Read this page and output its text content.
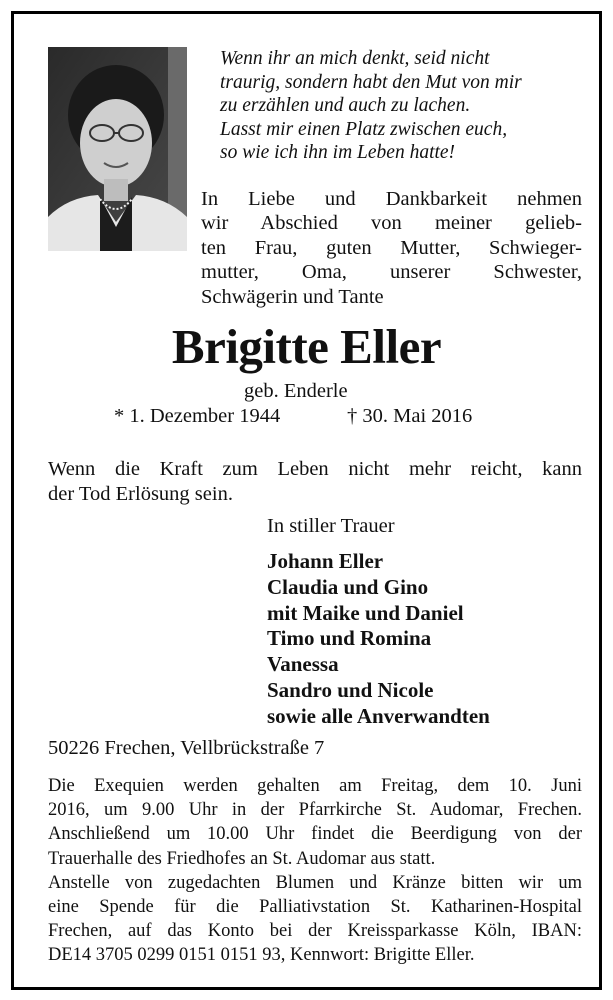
Wenn ihr an mich denkt, seid nicht
traurig, sondern habt den Mut von mir
zu erzählen und auch zu lachen.
Lasst mir einen Platz zwischen euch,
so wie ich ihn im Leben hatte!
In Liebe und Dankbarkeit nehmen
wir Abschied von meiner gelieb-
ten Frau, guten Mutter, Schwieger-
mutter, Oma, unserer Schwester,
Schwägerin und Tante
Brigitte Eller
geb. Enderle
* 1. Dezember 1944	† 30. Mai 2016
Wenn die Kraft zum Leben nicht mehr reicht, kann
der Tod Erlösung sein.
In stiller Trauer
Johann Eller
Claudia und Gino
mit Maike und Daniel
Timo und Romina
Vanessa
Sandro und Nicole
sowie alle Anverwandten
50226 Frechen, Vellbrückstraße 7
Die Exequien werden gehalten am Freitag, dem 10. Juni
2016, um 9.00 Uhr in der Pfarrkirche St. Audomar, Frechen.
Anschließend um 10.00 Uhr findet die Beerdigung von der
Trauerhalle des Friedhofes an St. Audomar aus statt.
Anstelle von zugedachten Blumen und Kränze bitten wir um
eine Spende für die Palliativstation St. Katharinen-Hospital
Frechen, auf das Konto bei der Kreissparkasse Köln, IBAN:
DE14 3705 0299 0151 0151 93, Kennwort: Brigitte Eller.
